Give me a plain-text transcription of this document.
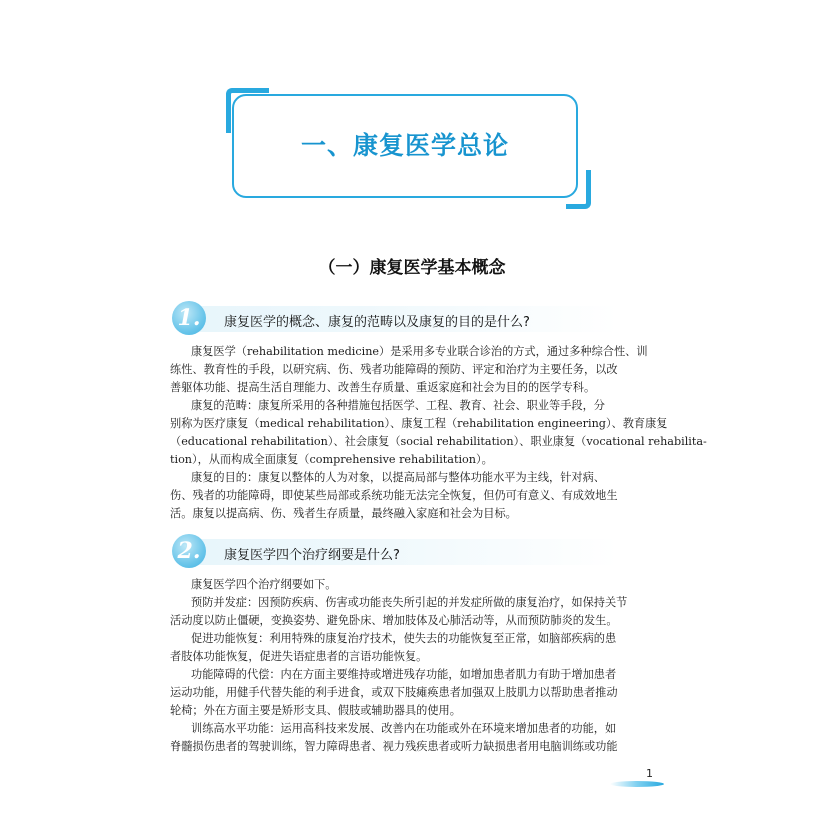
一、康复医学总论
（一）康复医学基本概念
1.	康复医学的概念、康复的范畴以及康复的目的是什么?
康复医学（rehabilitation medicine）是采用多专业联合诊治的方式，通过多种综合性、训
练性、教育性的手段，以研究病、伤、残者功能障碍的预防、评定和治疗为主要任务，以改
善躯体功能、提高生活自理能力、改善生存质量、重返家庭和社会为目的的医学专科。
康复的范畴：康复所采用的各种措施包括医学、工程、教育、社会、职业等手段，分
别称为医疗康复（medical rehabilitation）、康复工程（rehabilitation engineering）、教育康复
（educational rehabilitation）、社会康复（social rehabilitation）、职业康复（vocational rehabilita-
tion），从而构成全面康复（comprehensive rehabilitation）。
康复的目的：康复以整体的人为对象，以提高局部与整体功能水平为主线，针对病、
伤、残者的功能障碍，即使某些局部或系统功能无法完全恢复，但仍可有意义、有成效地生
活。康复以提高病、伤、残者生存质量，最终融入家庭和社会为目标。
2.	康复医学四个治疗纲要是什么?
康复医学四个治疗纲要如下。
预防并发症：因预防疾病、伤害或功能丧失所引起的并发症所做的康复治疗，如保持关节
活动度以防止僵硬，变换姿势、避免卧床、增加肢体及心肺活动等，从而预防肺炎的发生。
促进功能恢复：利用特殊的康复治疗技术，使失去的功能恢复至正常，如脑部疾病的患
者肢体功能恢复，促进失语症患者的言语功能恢复。
功能障碍的代偿：内在方面主要维持或增进残存功能，如增加患者肌力有助于增加患者
运动功能，用健手代替失能的利手进食，或双下肢瘫痪患者加强双上肢肌力以帮助患者推动
轮椅；外在方面主要是矫形支具、假肢或辅助器具的使用。
训练高水平功能：运用高科技来发展、改善内在功能或外在环境来增加患者的功能，如
脊髓损伤患者的驾驶训练，智力障碍患者、视力残疾患者或听力缺损患者用电脑训练或功能
1
